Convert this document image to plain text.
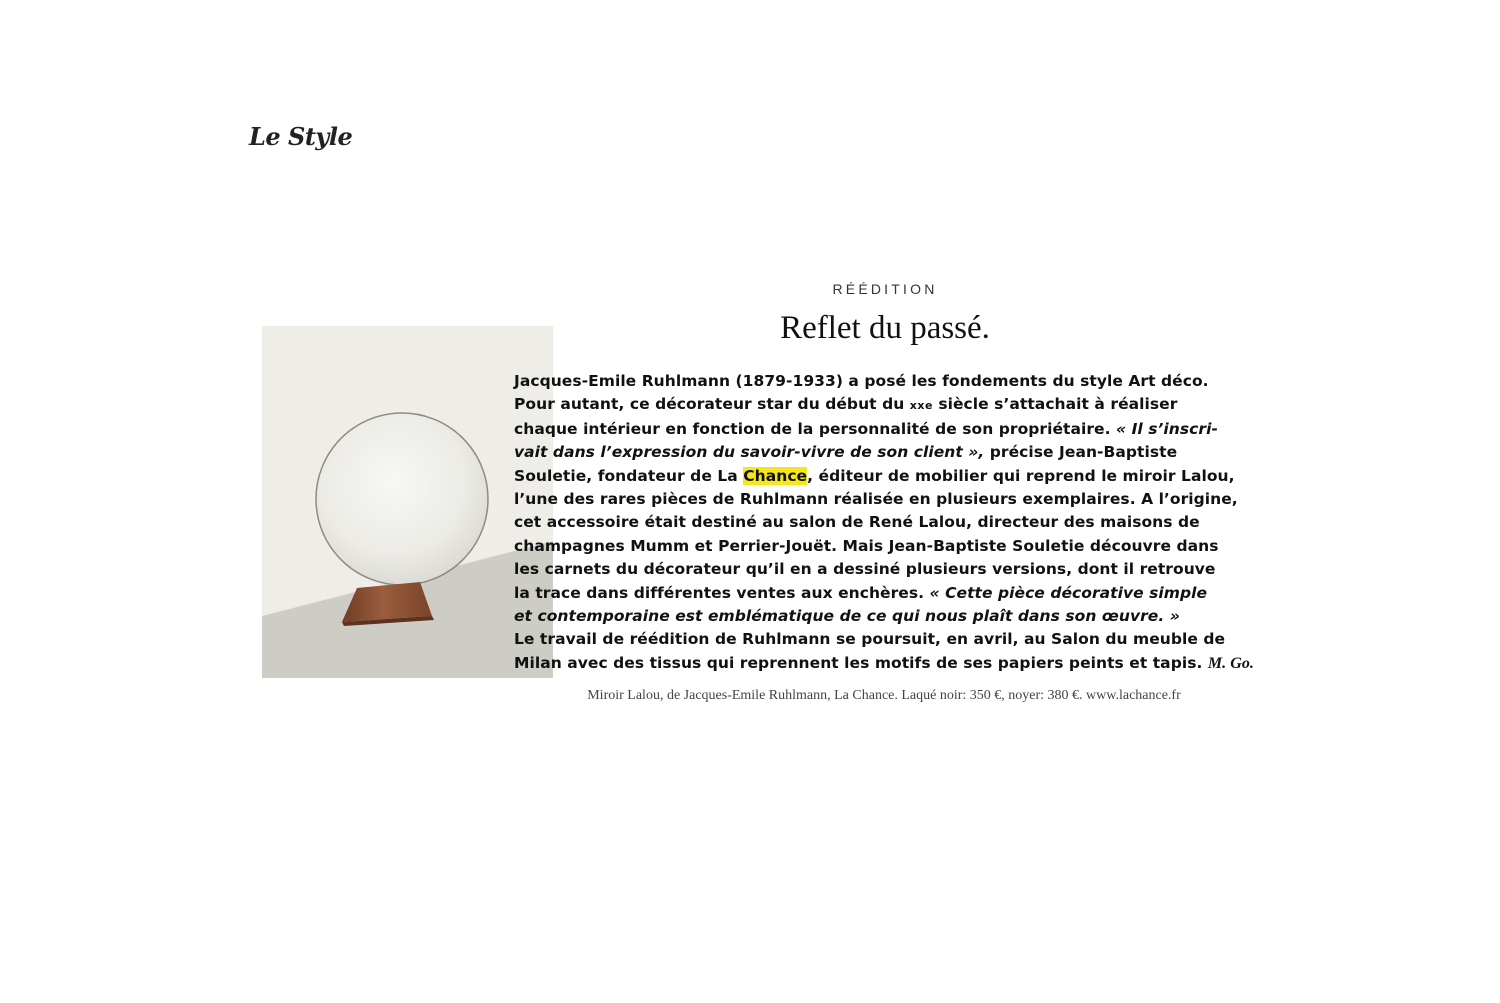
Le Style
RÉÉDITION
Reflet du passé.
Jacques-Emile Ruhlmann (1879-1933) a posé les fondements du style Art déco.
Pour autant, ce décorateur star du début du xxe siècle s’attachait à réaliser
chaque intérieur en fonction de la personnalité de son propriétaire. « Il s’inscri-
vait dans l’expression du savoir-vivre de son client », précise Jean-Baptiste
Souletie, fondateur de La Chance, éditeur de mobilier qui reprend le miroir Lalou,
l’une des rares pièces de Ruhlmann réalisée en plusieurs exemplaires. A l’origine,
cet accessoire était destiné au salon de René Lalou, directeur des maisons de
champagnes Mumm et Perrier-Jouët. Mais Jean-Baptiste Souletie découvre dans
les carnets du décorateur qu’il en a dessiné plusieurs versions, dont il retrouve
la trace dans différentes ventes aux enchères. « Cette pièce décorative simple
et contemporaine est emblématique de ce qui nous plaît dans son œuvre. »
Le travail de réédition de Ruhlmann se poursuit, en avril, au Salon du meuble de
Milan avec des tissus qui reprennent les motifs de ses papiers peints et tapis. M. Go.
Miroir Lalou, de Jacques-Emile Ruhlmann, La Chance. Laqué noir: 350 €, noyer: 380 €. www.lachance.fr
